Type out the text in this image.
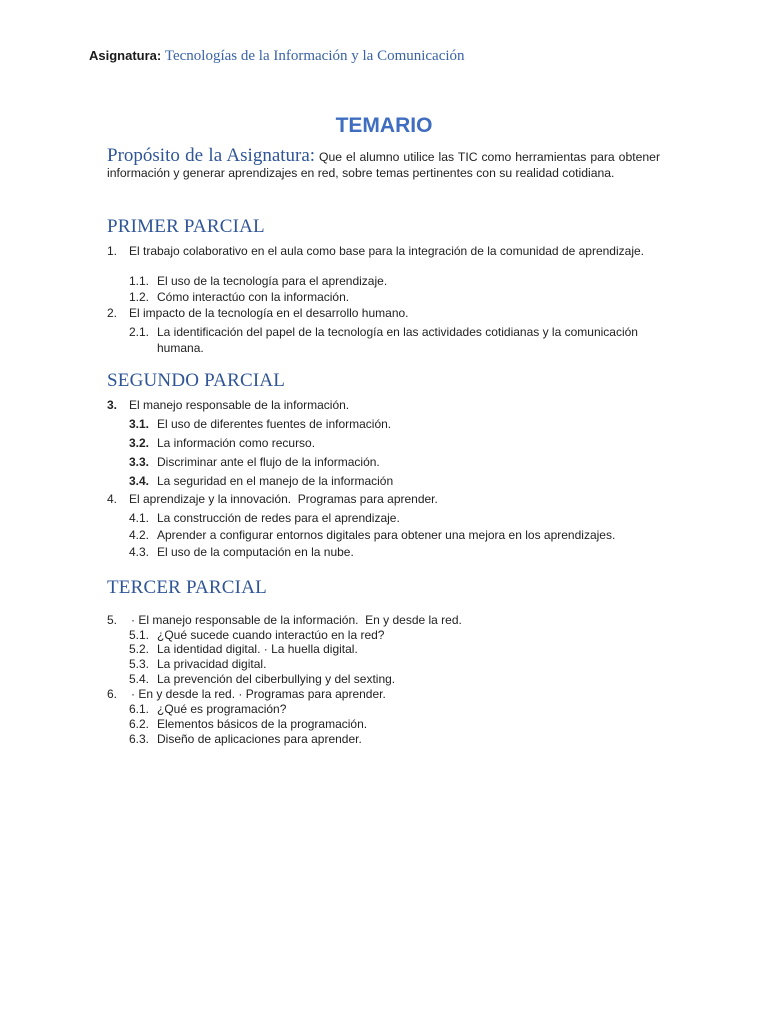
Asignatura: Tecnologías de la Información y la Comunicación
TEMARIO
Propósito de la Asignatura: Que el alumno utilice las TIC como herramientas para obtener información y generar aprendizajes en red, sobre temas pertinentes con su realidad cotidiana.
PRIMER PARCIAL
1. El trabajo colaborativo en el aula como base para la integración de la comunidad de aprendizaje.
1.1. El uso de la tecnología para el aprendizaje.
1.2. Cómo interactúo con la información.
2. El impacto de la tecnología en el desarrollo humano.
2.1. La identificación del papel de la tecnología en las actividades cotidianas y la comunicación humana.
SEGUNDO PARCIAL
3. El manejo responsable de la información.
3.1. El uso de diferentes fuentes de información.
3.2. La información como recurso.
3.3. Discriminar ante el flujo de la información.
3.4. La seguridad en el manejo de la información
4. El aprendizaje y la innovación.  Programas para aprender.
4.1. La construcción de redes para el aprendizaje.
4.2. Aprender a configurar entornos digitales para obtener una mejora en los aprendizajes.
4.3. El uso de la computación en la nube.
TERCER PARCIAL
5.	· El manejo responsable de la información.  En y desde la red.
5.1. ¿Qué sucede cuando interactúo en la red?
5.2. La identidad digital. · La huella digital.
5.3. La privacidad digital.
5.4. La prevención del ciberbullying y del sexting.
6.	· En y desde la red. · Programas para aprender.
6.1. ¿Qué es programación?
6.2. Elementos básicos de la programación.
6.3. Diseño de aplicaciones para aprender.
